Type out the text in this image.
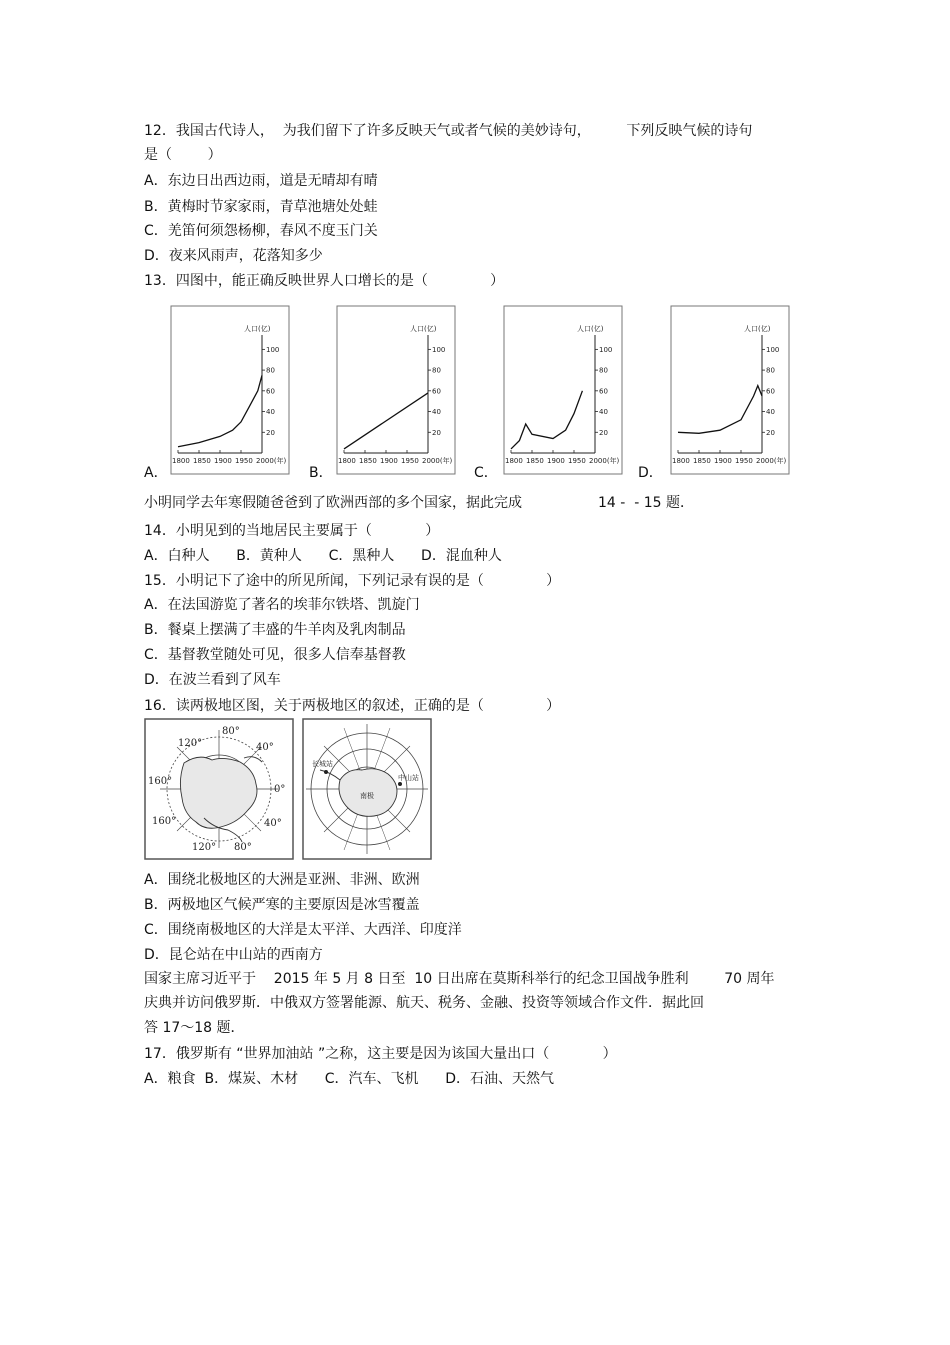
12．我国古代诗人，  为我们留下了许多反映天气或者气候的美妙诗句，        下列反映气候的诗句
是（        ）
A．东边日出西边雨，道是无晴却有晴
B．黄梅时节家家雨，青草池塘处处蛙
C．羌笛何须怨杨柳，春风不度玉门关
D．夜来风雨声，花落知多少
13．四图中，能正确反映世界人口增长的是（              ）
A．	B．	C．	D．
人口(亿)
100
80
60
40
20
1800 1850 1900 1950 2000(年)
人口(亿)
100
80
60
40
20
1800 1850 1900 1950 2000(年)
人口(亿)
100
80
60
40
20
1800 1850 1900 1950 2000(年)
人口(亿)
100
80
60
40
20
1800 1850 1900 1950 2000(年)
小明同学去年寒假随爸爸到了欧洲西部的多个国家，据此完成	14 -  - 15 题．
14．小明见到的当地居民主要属于（            ）
A．白种人      B．黄种人      C．黑种人      D．混血种人
15．小明记下了途中的所见所闻，下列记录有误的是（              ）
A．在法国游览了著名的埃菲尔铁塔、凯旋门
B．餐桌上摆满了丰盛的牛羊肉及乳肉制品
C．基督教堂随处可见，很多人信奉基督教
D．在波兰看到了风车
16．读两极地区图，关于两极地区的叙述，正确的是（              ）
120°
80°
40°
160°
0°
160°	40°
120° 80°
长城站
中山站
南极
A．围绕北极地区的大洲是亚洲、非洲、欧洲
B．两极地区气候严寒的主要原因是冰雪覆盖
C．围绕南极地区的大洋是太平洋、大西洋、印度洋
D．昆仑站在中山站的西南方
国家主席习近平于    2015 年 5 月 8 日至  10 日出席在莫斯科举行的纪念卫国战争胜利        70 周年
庆典并访问俄罗斯．中俄双方签署能源、航天、税务、金融、投资等领域合作文件．据此回
答 17～18 题．
17．俄罗斯有 “世界加油站 ”之称，这主要是因为该国大量出口（            ）
A．粮食  B．煤炭、木材      C．汽车、飞机      D．石油、天然气
